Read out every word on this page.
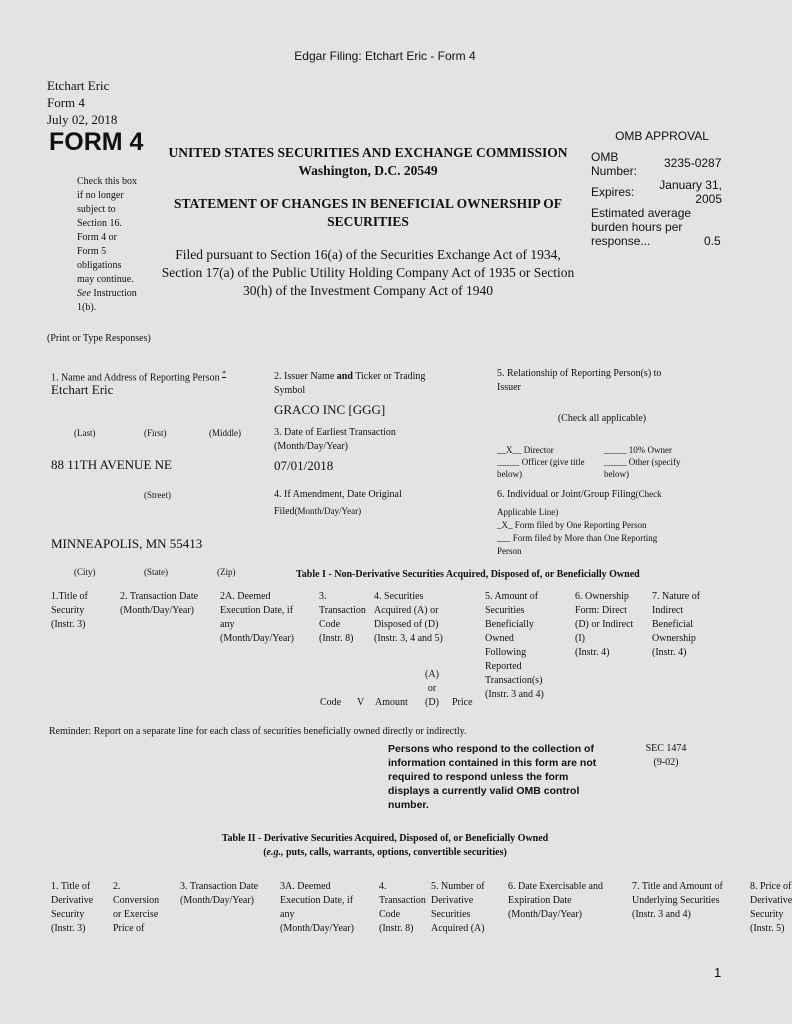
Edgar Filing: Etchart Eric - Form 4
Etchart Eric
Form 4
July 02, 2018
FORM 4
Check this box
if no longer
subject to
Section 16.
Form 4 or
Form 5
obligations
may continue.
See Instruction
1(b).
UNITED STATES SECURITIES AND EXCHANGE COMMISSION
Washington, D.C. 20549
STATEMENT OF CHANGES IN BENEFICIAL OWNERSHIP OF
SECURITIES
Filed pursuant to Section 16(a) of the Securities Exchange Act of 1934,
Section 17(a) of the Public Utility Holding Company Act of 1935 or Section
30(h) of the Investment Company Act of 1940
OMB APPROVAL
OMB
Number:
3235-0287
Expires:	January 31,
2005
Estimated average
burden hours per
response...	0.5
(Print or Type Responses)
1. Name and Address of Reporting Person *
Etchart Eric
(Last)	(First)	(Middle)
88 11TH AVENUE NE
(Street)
MINNEAPOLIS, MN 55413
(City)	(State)	(Zip)
2. Issuer Name and Ticker or Trading
Symbol
GRACO INC [GGG]
3. Date of Earliest Transaction
(Month/Day/Year)
07/01/2018
4. If Amendment, Date Original
Filed(Month/Day/Year)
5. Relationship of Reporting Person(s) to
Issuer
(Check all applicable)
__X__ Director
_____ Officer (give title
below)
_____ 10% Owner
_____ Other (specify
below)
6. Individual or Joint/Group Filing(Check
Applicable Line)
_X_ Form filed by One Reporting Person
___ Form filed by More than One Reporting
Person
Table I - Non-Derivative Securities Acquired, Disposed of, or Beneficially Owned
1.Title of
Security
(Instr. 3)
2. Transaction Date
(Month/Day/Year)
2A. Deemed
Execution Date, if
any
(Month/Day/Year)
3.
Transaction
Code
(Instr. 8)
4. Securities
Acquired (A) or
Disposed of (D)
(Instr. 3, 4 and 5)
5. Amount of
Securities
Beneficially
Owned
Following
Reported
Transaction(s)
(Instr. 3 and 4)
6. Ownership
Form: Direct
(D) or Indirect
(I)
(Instr. 4)
7. Nature of
Indirect
Beneficial
Ownership
(Instr. 4)
Code V Amount
(A)
or
(D)	Price
Reminder: Report on a separate line for each class of securities beneficially owned directly or indirectly.
Persons who respond to the collection of
information contained in this form are not
required to respond unless the form
displays a currently valid OMB control
number.
SEC 1474
(9-02)
Table II - Derivative Securities Acquired, Disposed of, or Beneficially Owned
(e.g., puts, calls, warrants, options, convertible securities)
1. Title of
Derivative
Security
(Instr. 3)
2.
Conversion
or Exercise
Price of
3. Transaction Date
(Month/Day/Year)
3A. Deemed
Execution Date, if
any
(Month/Day/Year)
4.
Transaction
Code
(Instr. 8)
5. Number of
Derivative
Securities
Acquired (A)
6. Date Exercisable and
Expiration Date
(Month/Day/Year)
7. Title and Amount of
Underlying Securities
(Instr. 3 and 4)
8. Price of
Derivative
Security
(Instr. 5)
1
